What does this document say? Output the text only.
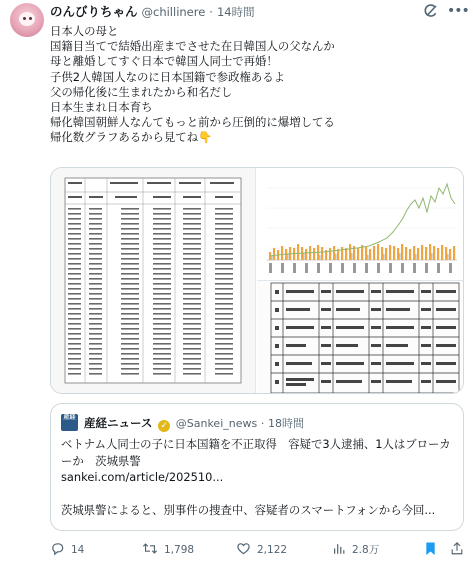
のんびりちゃん @chillinere · 14時間	•••
日本人の母と
国籍目当てで結婚出産までさせた在日韓国人の父なんか
母と離婚してすぐ日本で韓国人同士で再婚！
子供2人韓国人なのに日本国籍で参政権あるよ
父の帰化後に生まれたから和名だし
日本生まれ日本育ち
帰化韓国朝鮮人なんてもっと前から圧倒的に爆増してる
帰化数グラフあるから見てね👇
産経 産経ニュース ✓ @Sankei_news · 18時間
ベトナム人同士の子に日本国籍を不正取得　容疑で3人逮捕、1人はブローカーか　茨城県警
sankei.com/article/202510...

茨城県警によると、別事件の捜査中、容疑者のスマートフォンから今回...
14	1,798	2,122	2.8万
